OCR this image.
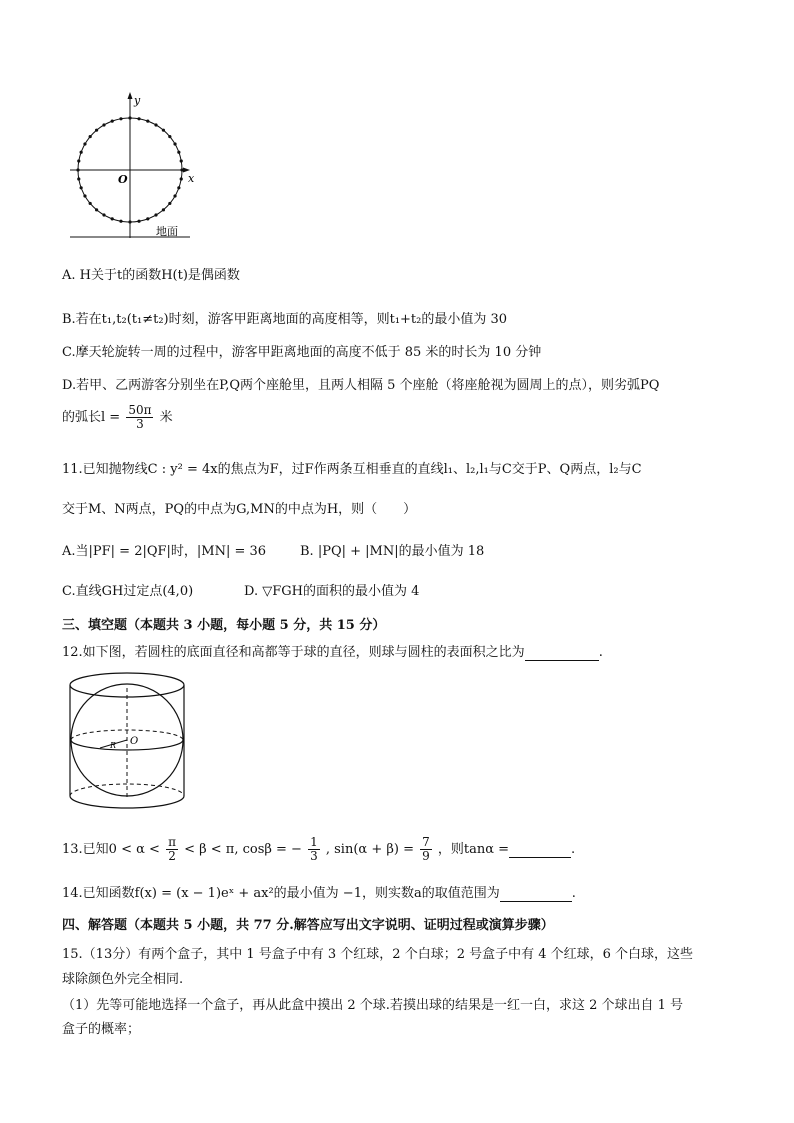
y
x
O
地面
A. H关于t的函数H(t)是偶函数
B.若在t₁,t₂(t₁≠t₂)时刻，游客甲距离地面的高度相等，则t₁+t₂的最小值为 30
C.摩天轮旋转一周的过程中，游客甲距离地面的高度不低于 85 米的时长为 10 分钟
D.若甲、乙两游客分别坐在P,Q两个座舱里，且两人相隔 5 个座舱（将座舱视为圆周上的点），则劣弧PQ
的弧长$l = \frac{50\pi}{3}$ 米
11.已知抛物线C : y² = 4x的焦点为F，过F作两条互相垂直的直线l₁、l₂,l₁与C交于P、Q两点，l₂与C
交于M、N两点，PQ的中点为G,MN的中点为H，则（　　）
A.当|PF| = 2|QF|时，|MN| = 36	B. |PQ| + |MN|的最小值为 18
C.直线GH过定点(4,0)	D. ▽FGH的面积的最小值为 4
三、填空题（本题共 3 小题，每小题 5 分，共 15 分）
12.如下图，若圆柱的底面直径和高都等于球的直径，则球与圆柱的表面积之比为	.
O
R
13.已知$0 < \alpha < \frac{\pi}{2} < \beta < \pi$, cosβ = − $\frac{1}{3}$ , $\sin(\alpha + \beta) = \frac{7}{9}$ ，则tanα =	.
14.已知函数f(x) = (x − 1)eˣ + ax²的最小值为 −1，则实数a的取值范围为	.
四、解答题（本题共 5 小题，共 77 分.解答应写出文字说明、证明过程或演算步骤）
15.（13分）有两个盒子，其中 1 号盒子中有 3 个红球，2 个白球；2 号盒子中有 4 个红球，6 个白球，这些
球除颜色外完全相同.
（1）先等可能地选择一个盒子，再从此盒中摸出 2 个球.若摸出球的结果是一红一白，求这 2 个球出自 1 号
盒子的概率；
